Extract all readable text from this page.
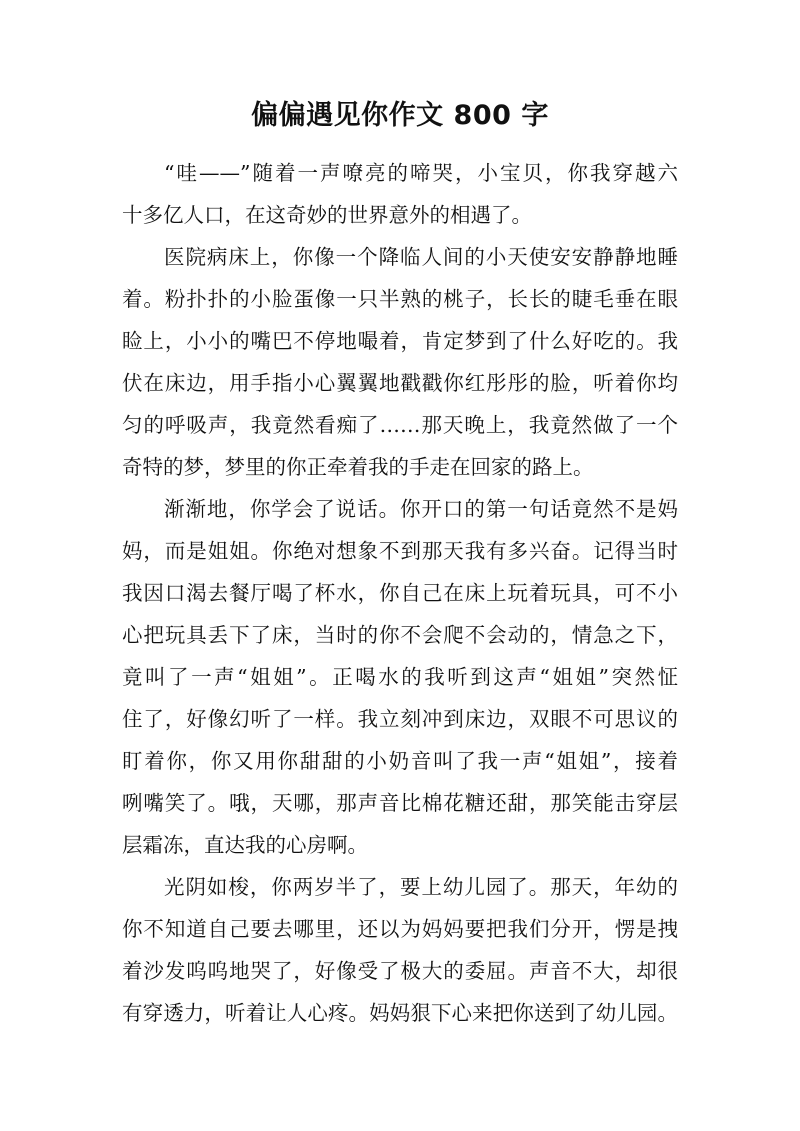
偏偏遇见你作文 800 字
“哇——”随着一声嘹亮的啼哭，小宝贝，你我穿越六
十多亿人口，在这奇妙的世界意外的相遇了。
医院病床上，你像一个降临人间的小天使安安静静地睡
着。粉扑扑的小脸蛋像一只半熟的桃子，长长的睫毛垂在眼
睑上，小小的嘴巴不停地嘬着，肯定梦到了什么好吃的。我
伏在床边，用手指小心翼翼地戳戳你红彤彤的脸，听着你均
匀的呼吸声，我竟然看痴了……那天晚上，我竟然做了一个
奇特的梦，梦里的你正牵着我的手走在回家的路上。
渐渐地，你学会了说话。你开口的第一句话竟然不是妈
妈，而是姐姐。你绝对想象不到那天我有多兴奋。记得当时
我因口渴去餐厅喝了杯水，你自己在床上玩着玩具，可不小
心把玩具丢下了床，当时的你不会爬不会动的，情急之下，
竟叫了一声“姐姐”。正喝水的我听到这声“姐姐”突然怔
住了，好像幻听了一样。我立刻冲到床边，双眼不可思议的
盯着你，你又用你甜甜的小奶音叫了我一声“姐姐”，接着
咧嘴笑了。哦，天哪，那声音比棉花糖还甜，那笑能击穿层
层霜冻，直达我的心房啊。
光阴如梭，你两岁半了，要上幼儿园了。那天，年幼的
你不知道自己要去哪里，还以为妈妈要把我们分开，愣是拽
着沙发呜呜地哭了，好像受了极大的委屈。声音不大，却很
有穿透力，听着让人心疼。妈妈狠下心来把你送到了幼儿园。
